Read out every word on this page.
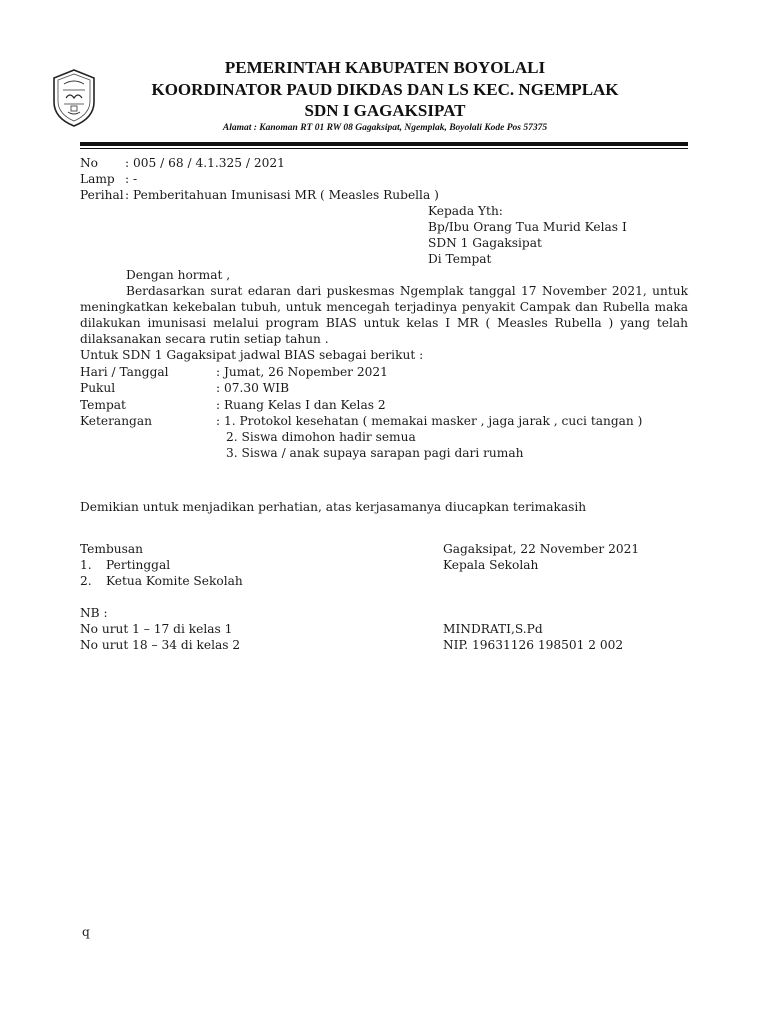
PEMERINTAH KABUPATEN BOYOLALI
KOORDINATOR PAUD DIKDAS DAN LS KEC. NGEMPLAK
SDN I GAGAKSIPAT
Alamat : Kanoman RT 01 RW 08 Gagaksipat, Ngemplak, Boyolali Kode Pos 57375
No : 005 / 68 / 4.1.325 / 2021
Lamp : -
Perihal : Pemberitahuan Imunisasi MR ( Measles Rubella )
Kepada Yth:
Bp/Ibu Orang Tua Murid Kelas I
SDN 1 Gagaksipat
Di Tempat
Dengan hormat ,
Berdasarkan surat edaran dari puskesmas Ngemplak tanggal 17 November 2021, untuk meningkatkan kekebalan tubuh, untuk mencegah terjadinya penyakit Campak dan Rubella maka dilakukan imunisasi melalui program BIAS untuk kelas I MR ( Measles Rubella ) yang telah dilaksanakan secara rutin setiap tahun .
Untuk SDN 1 Gagaksipat jadwal BIAS sebagai berikut :
Hari / Tanggal	: Jumat, 26 Nopember 2021
Pukul	: 07.30 WIB
Tempat	: Ruang Kelas I dan Kelas 2
Keterangan	: 1. Protokol kesehatan ( memakai masker , jaga jarak , cuci tangan )
2. Siswa dimohon hadir semua
3. Siswa / anak supaya sarapan pagi dari rumah
Demikian untuk menjadikan perhatian, atas kerjasamanya diucapkan terimakasih
Tembusan
1. Pertinggal
2. Ketua Komite Sekolah
Gagaksipat, 22 November 2021
Kepala Sekolah
MINDRATI,S.Pd
NIP. 19631126 198501 2 002
NB :
No urut 1 – 17 di kelas 1
No urut 18 – 34 di kelas 2
q
